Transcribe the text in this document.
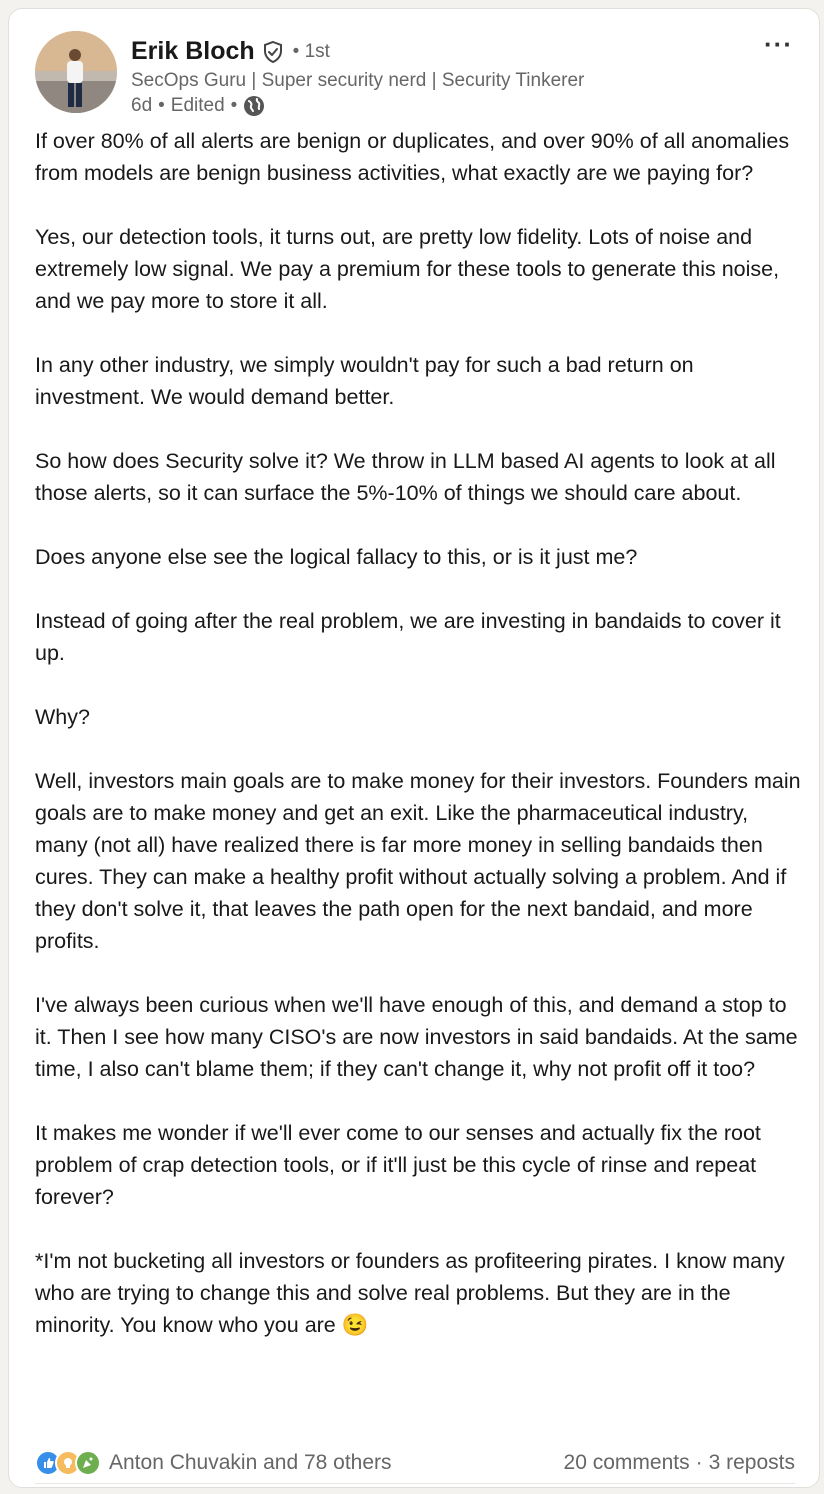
Erik Bloch • 1st
SecOps Guru | Super security nerd | Security Tinkerer
6d • Edited •
···

If over 80% of all alerts are benign or duplicates, and over 90% of all anomalies from models are benign business activities, what exactly are we paying for?

Yes, our detection tools, it turns out, are pretty low fidelity. Lots of noise and extremely low signal. We pay a premium for these tools to generate this noise, and we pay more to store it all.

In any other industry, we simply wouldn't pay for such a bad return on investment. We would demand better.

So how does Security solve it? We throw in LLM based AI agents to look at all those alerts, so it can surface the 5%-10% of things we should care about.

Does anyone else see the logical fallacy to this, or is it just me?

Instead of going after the real problem, we are investing in bandaids to cover it up.

Why?

Well, investors main goals are to make money for their investors. Founders main goals are to make money and get an exit. Like the pharmaceutical industry, many (not all) have realized there is far more money in selling bandaids then cures. They can make a healthy profit without actually solving a problem. And if they don't solve it, that leaves the path open for the next bandaid, and more profits.

I've always been curious when we'll have enough of this, and demand a stop to it. Then I see how many CISO's are now investors in said bandaids. At the same time, I also can't blame them; if they can't change it, why not profit off it too?

It makes me wonder if we'll ever come to our senses and actually fix the root problem of crap detection tools, or if it'll just be this cycle of rinse and repeat forever?

*I'm not bucketing all investors or founders as profiteering pirates. I know many who are trying to change this and solve real problems. But they are in the minority. You know who you are 😉

Anton Chuvakin and 78 others	20 comments · 3 reposts
